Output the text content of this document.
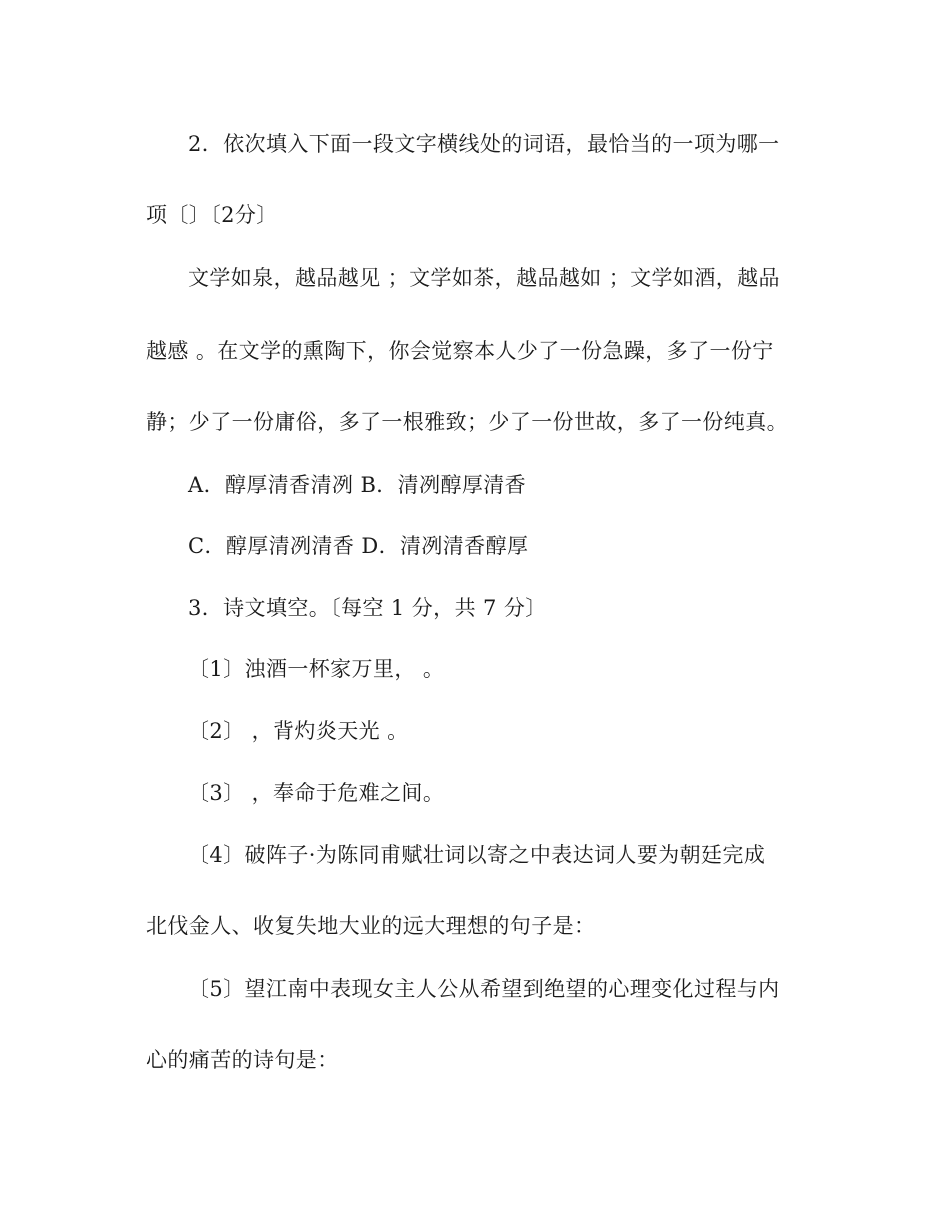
2．依次填入下面一段文字横线处的词语，最恰当的一项为哪一
项〔〕〔2分〕
文学如泉，越品越见 ；文学如茶，越品越如 ；文学如酒，越品
越感 。在文学的熏陶下，你会觉察本人少了一份急躁，多了一份宁
静；少了一份庸俗，多了一根雅致；少了一份世故，多了一份纯真。
A．醇厚清香清冽 B．清冽醇厚清香
C．醇厚清冽清香 D．清冽清香醇厚
3．诗文填空。〔每空 1 分，共 7 分〕
〔1〕浊酒一杯家万里， 。
〔2〕 ，背灼炎天光 。
〔3〕 ，奉命于危难之间。
〔4〕破阵子·为陈同甫赋壮词以寄之中表达词人要为朝廷完成
北伐金人、收复失地大业的远大理想的句子是：
〔5〕望江南中表现女主人公从希望到绝望的心理变化过程与内
心的痛苦的诗句是：
